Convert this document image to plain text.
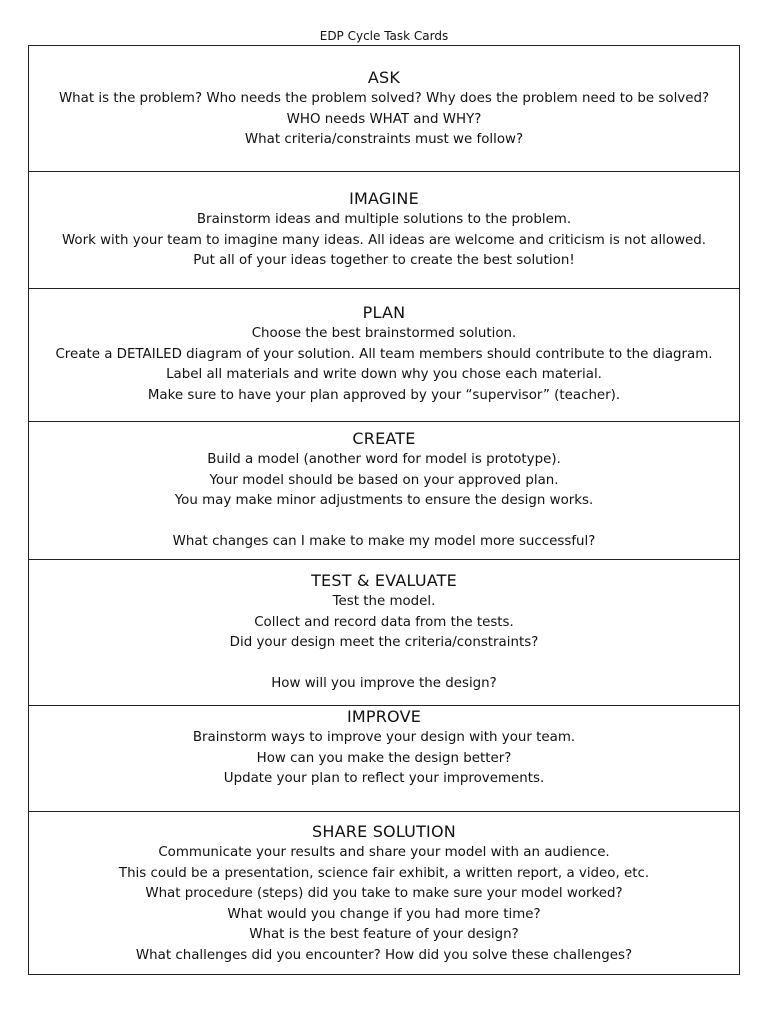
EDP Cycle Task Cards
ASK
What is the problem? Who needs the problem solved? Why does the problem need to be solved?
WHO needs WHAT and WHY?
What criteria/constraints must we follow?
IMAGINE
Brainstorm ideas and multiple solutions to the problem.
Work with your team to imagine many ideas. All ideas are welcome and criticism is not allowed.
Put all of your ideas together to create the best solution!
PLAN
Choose the best brainstormed solution.
Create a DETAILED diagram of your solution. All team members should contribute to the diagram.
Label all materials and write down why you chose each material.
Make sure to have your plan approved by your “supervisor” (teacher).
CREATE
Build a model (another word for model is prototype).
Your model should be based on your approved plan.
You may make minor adjustments to ensure the design works.
What changes can I make to make my model more successful?
TEST & EVALUATE
Test the model.
Collect and record data from the tests.
Did your design meet the criteria/constraints?
How will you improve the design?
IMPROVE
Brainstorm ways to improve your design with your team.
How can you make the design better?
Update your plan to reflect your improvements.
SHARE SOLUTION
Communicate your results and share your model with an audience.
This could be a presentation, science fair exhibit, a written report, a video, etc.
What procedure (steps) did you take to make sure your model worked?
What would you change if you had more time?
What is the best feature of your design?
What challenges did you encounter? How did you solve these challenges?
